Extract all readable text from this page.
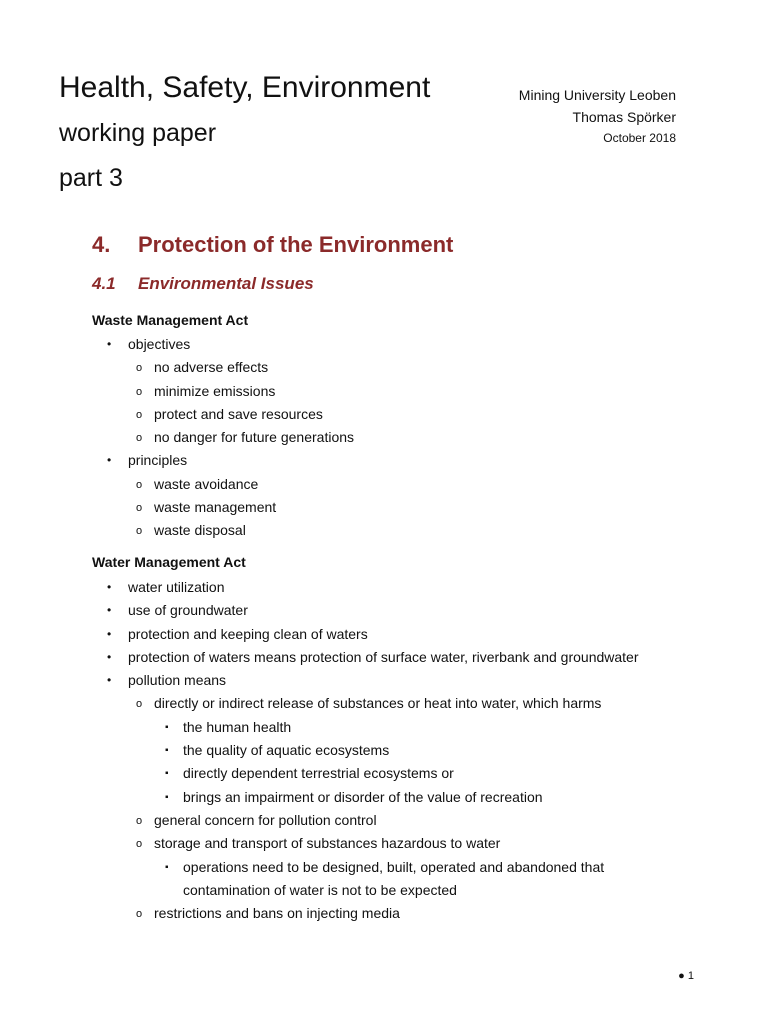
Health, Safety, Environment
working paper
part 3
Mining University Leoben
Thomas Spörker
October 2018
4. Protection of the Environment
4.1 Environmental Issues
Waste Management Act
• objectives
o no adverse effects
o minimize emissions
o protect and save resources
o no danger for future generations
• principles
o waste avoidance
o waste management
o waste disposal
Water Management Act
• water utilization
• use of groundwater
• protection and keeping clean of waters
• protection of waters means protection of surface water, riverbank and groundwater
• pollution means
o directly or indirect release of substances or heat into water, which harms
▪ the human health
▪ the quality of aquatic ecosystems
▪ directly dependent terrestrial ecosystems or
▪ brings an impairment or disorder of the value of recreation
o general concern for pollution control
o storage and transport of substances hazardous to water
▪ operations need to be designed, built, operated and abandoned that
contamination of water is not to be expected
o restrictions and bans on injecting media
● 1
